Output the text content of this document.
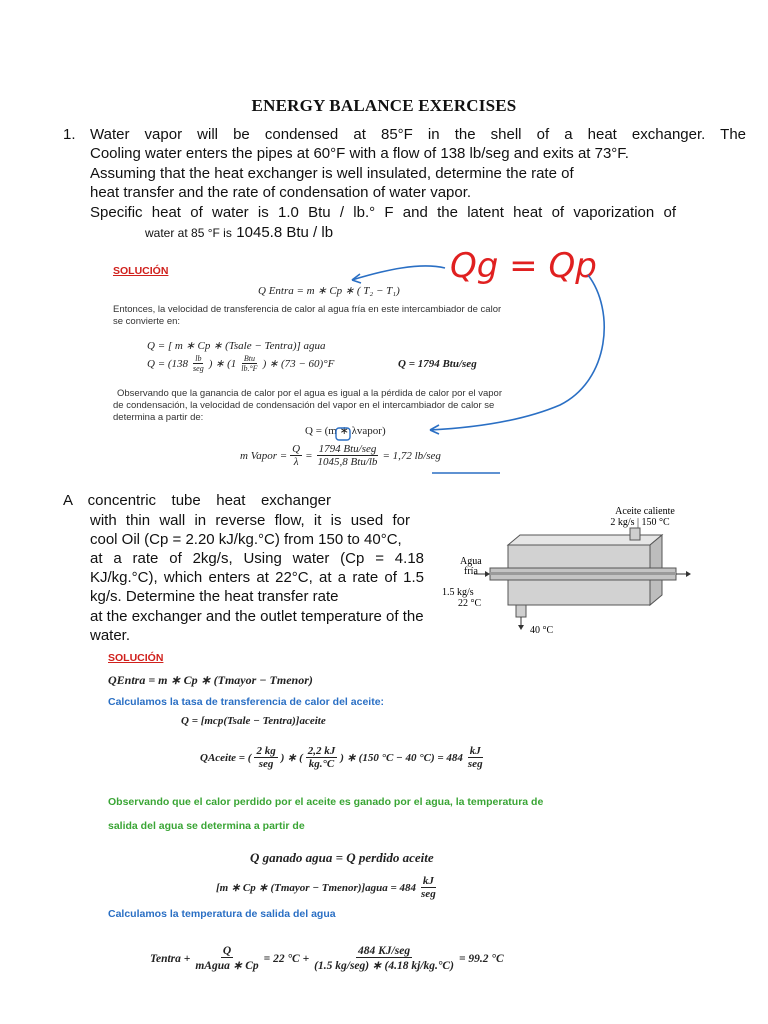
ENERGY BALANCE EXERCISES
1. Water vapor will be condensed at 85°F in the shell of a heat exchanger. The
Cooling water enters the pipes at 60°F with a flow of 138 lb/seg and exits at 73°F.
Assuming that the heat exchanger is well insulated, determine the rate of
heat transfer and the rate of condensation of water vapor.
Specific heat of water is 1.0 Btu / lb.° F and the latent heat of vaporization of
water at 85 °F is 1045.8 Btu / lb
SOLUCIÓN
Q Entra = m ∗ Cp ∗ ( T₂ − T₁)
Entonces, la velocidad de transferencia de calor al agua fría en este intercambiador de calor
se convierte en:
Q = [ m ∗ Cp ∗ (Tsale − Tentra)] agua
$Q = (138 \frac{lb}{\text{seg}}$ ) ∗ ($1 \frac{\text{Btu}}{lb.^\circ F}$ ) ∗ (73 − 60)°F	Q = 1794 Btu/seg
Observando que la ganancia de calor por el agua es igual a la pérdida de calor por el vapor
de condensación, la velocidad de condensación del vapor en el intercambiador de calor se
determina a partir de:
Q = (m ∗ λvapor)
m Vapor = $\frac{Q}{\lambda} = \frac{\text{1794 Btu/seg}}{\text{1045,8 Btu/lb}} = 1,72$ lb/seg
Qg = Qp
A concentric tube heat exchanger
with thin wall in reverse flow, it is used for
cool Oil (Cp = 2.20 kJ/kg.°C) from 150 to 40°C,
at a rate of 2kg/s, Using water (Cp = 4.18
KJ/kg.°C), which enters at 22°C, at a rate of 1.5
kg/s. Determine the heat transfer rate
at the exchanger and the outlet temperature of the
water.
Aceite caliente
2 kg/s | 150 °C
40 °C
Agua
fría
1.5 kg/s
22 °C
SOLUCIÓN
QEntra = m ∗ Cp ∗ (Tmayor − Tmenor)
Calculamos la tasa de transferencia de calor del aceite:
Q = [mcp(Tsale − Tentra)]aceite
QAceite = ( $\frac{2 kg}{\text{seg}}$ ) ∗ ( $\frac{2,2 kJ}{kg.^\circ C}$ ) ∗ (150 °C − 40 $^\circ C) = 484 \frac{kJ}{\text{seg}}$
Observando que el calor perdido por el aceite es ganado por el agua, la temperatura de
salida del agua se determina a partir de
Q ganado agua = Q perdido aceite
[m ∗ Cp ∗ (Tmayor − Tmenor)]agua = $484 \frac{kJ}{\text{seg}}$
Calculamos la temperatura de salida del agua
Tentra + $\frac{Q}{\text{mAgua ∗ Cp}} = 22$ $^\circ C + \frac{\text{484 KJ/seg}}{\text{(1.5 kg/seg) ∗ (4.18 kj/kg.°C)}} = 99.2$ °C
